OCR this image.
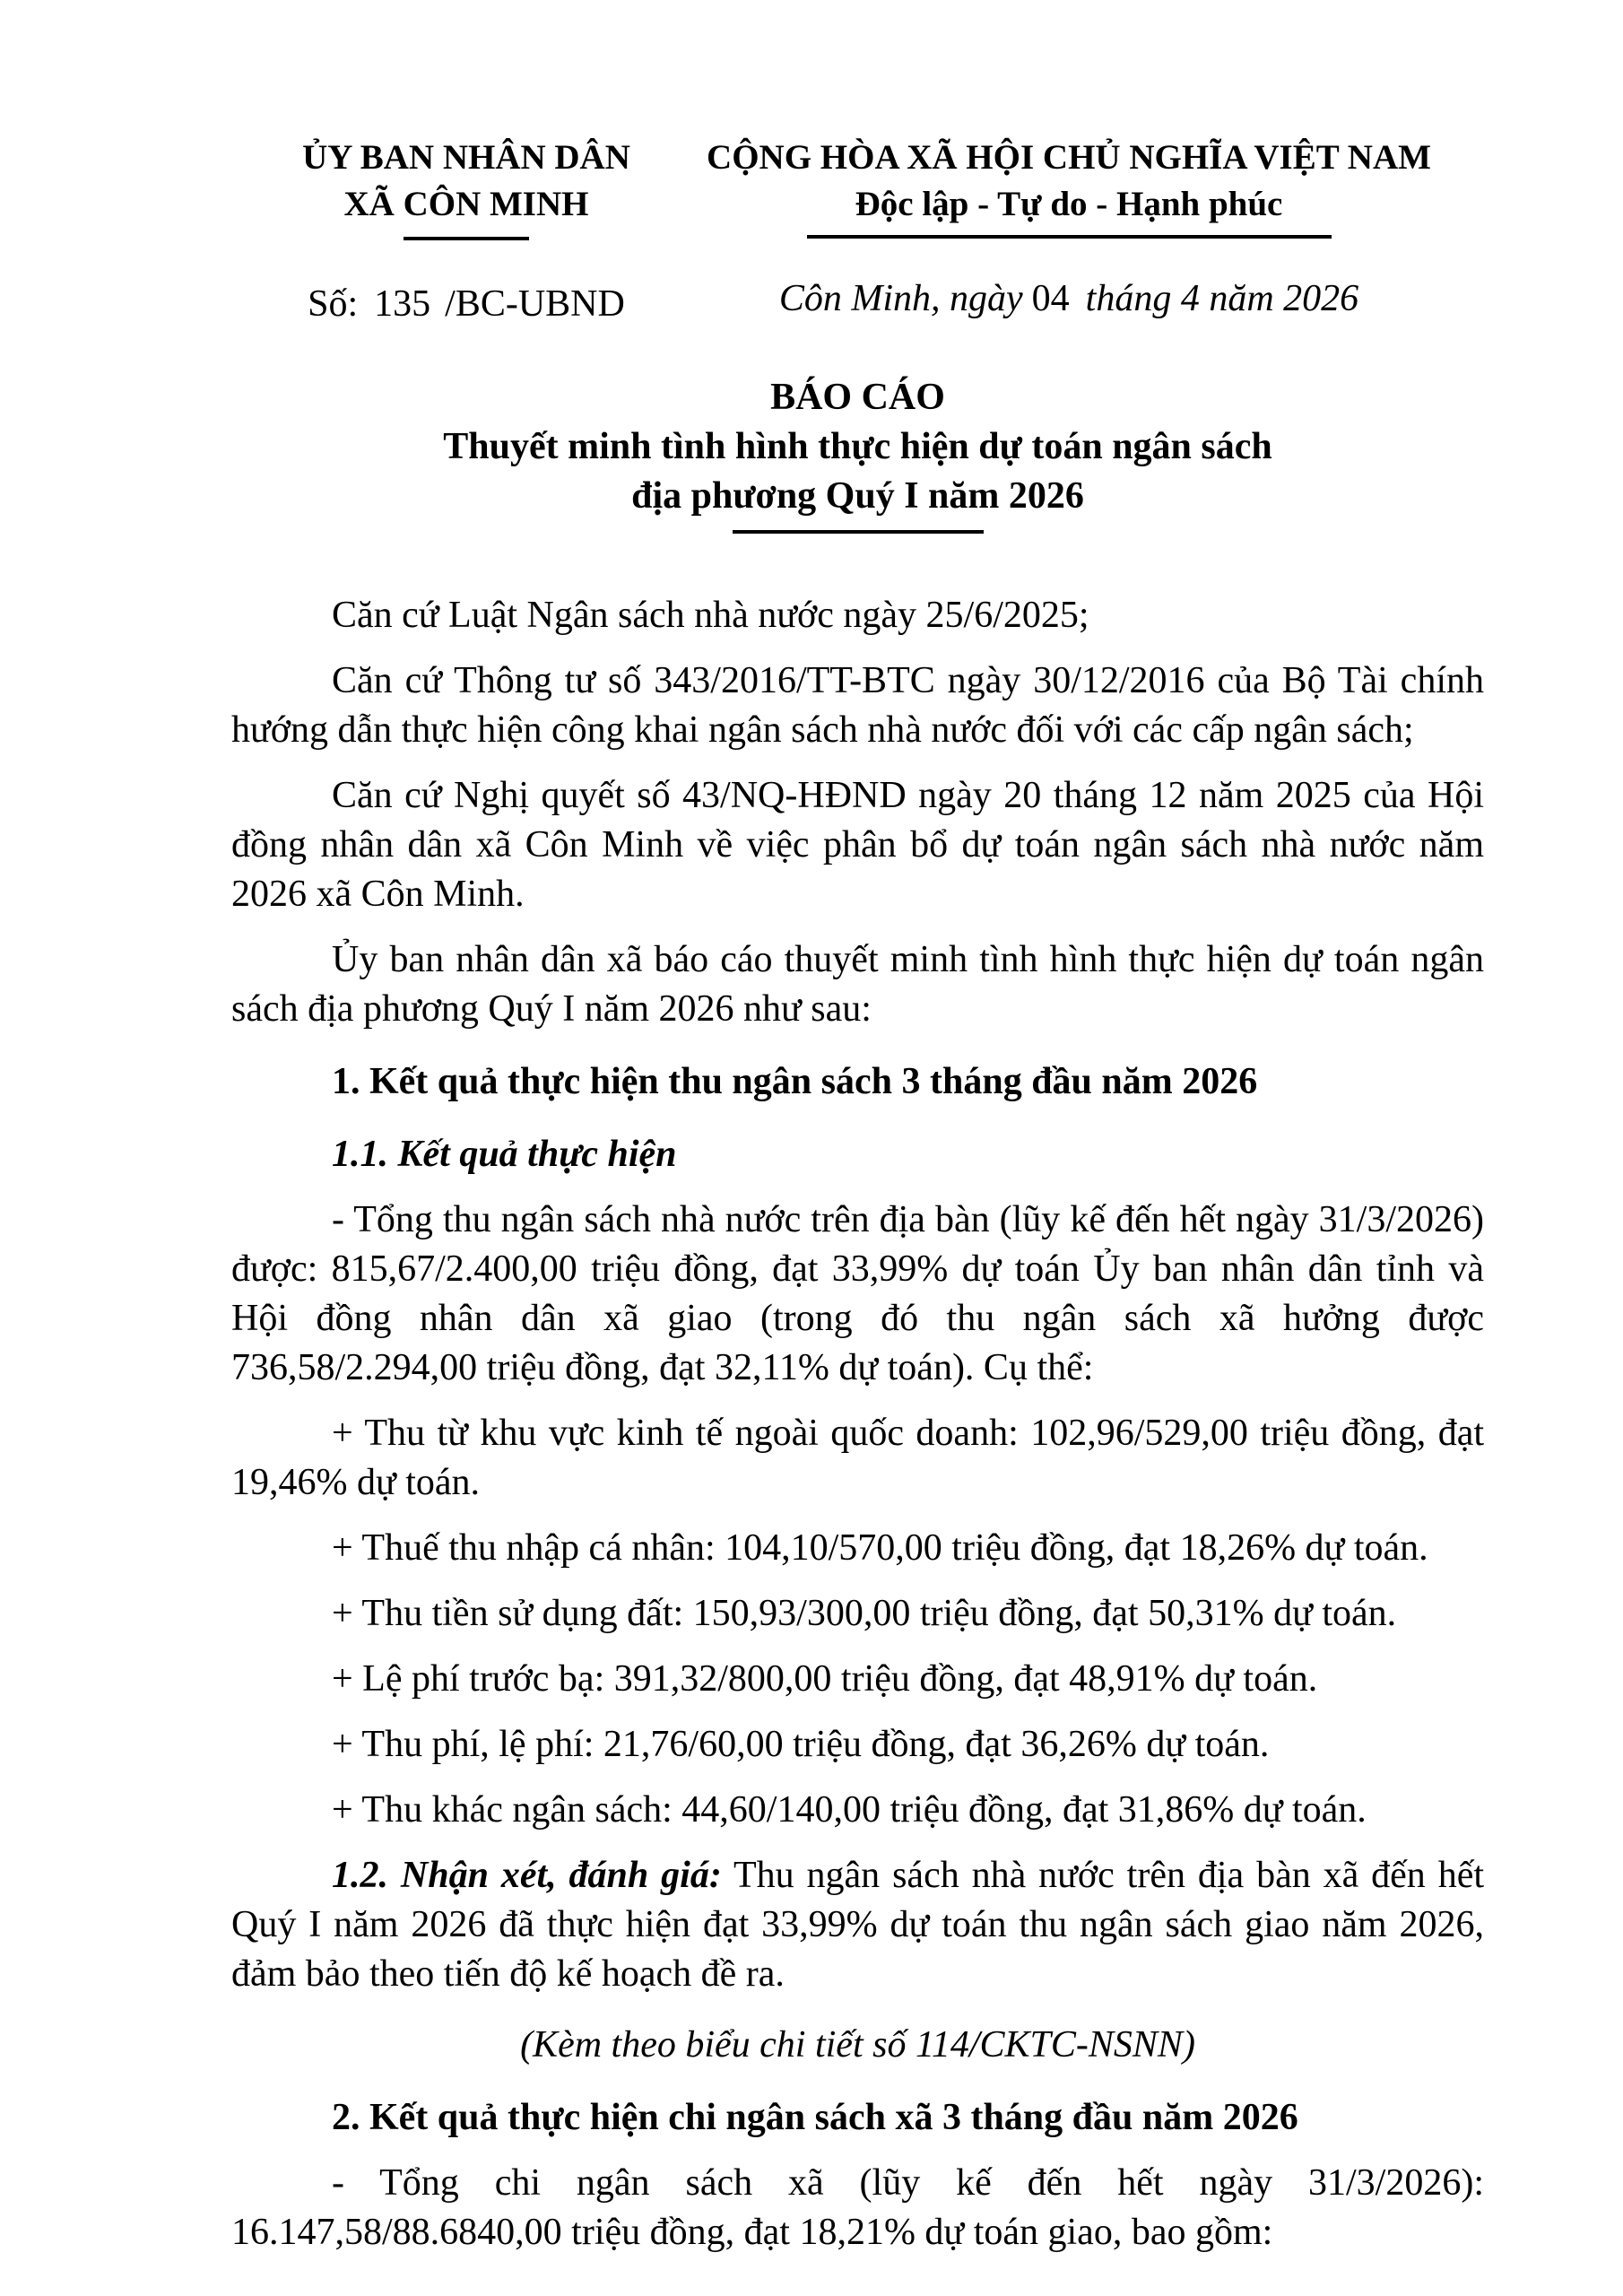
ỦY BAN NHÂN DÂN
XÃ CÔN MINH
Số: 135 /BC-UBND
CỘNG HÒA XÃ HỘI CHỦ NGHĨA VIỆT NAM
Độc lập - Tự do - Hạnh phúc
Côn Minh, ngày 04 tháng 4 năm 2026
BÁO CÁO
Thuyết minh tình hình thực hiện dự toán ngân sách
địa phương Quý I năm 2026
Căn cứ Luật Ngân sách nhà nước ngày 25/6/2025;
Căn cứ Thông tư số 343/2016/TT-BTC ngày 30/12/2016 của Bộ Tài chính hướng dẫn thực hiện công khai ngân sách nhà nước đối với các cấp ngân sách;
Căn cứ Nghị quyết số 43/NQ-HĐND ngày 20 tháng 12 năm 2025 của Hội đồng nhân dân xã Côn Minh về việc phân bổ dự toán ngân sách nhà nước năm 2026 xã Côn Minh.
Ủy ban nhân dân xã báo cáo thuyết minh tình hình thực hiện dự toán ngân sách địa phương Quý I năm 2026 như sau:
1. Kết quả thực hiện thu ngân sách 3 tháng đầu năm 2026
1.1. Kết quả thực hiện
- Tổng thu ngân sách nhà nước trên địa bàn (lũy kế đến hết ngày 31/3/2026) được: 815,67/2.400,00 triệu đồng, đạt 33,99% dự toán Ủy ban nhân dân tỉnh và Hội đồng nhân dân xã giao (trong đó thu ngân sách xã hưởng được 736,58/2.294,00 triệu đồng, đạt 32,11% dự toán). Cụ thể:
+ Thu từ khu vực kinh tế ngoài quốc doanh: 102,96/529,00 triệu đồng, đạt 19,46% dự toán.
+ Thuế thu nhập cá nhân: 104,10/570,00 triệu đồng, đạt 18,26% dự toán.
+ Thu tiền sử dụng đất: 150,93/300,00 triệu đồng, đạt 50,31% dự toán.
+ Lệ phí trước bạ: 391,32/800,00 triệu đồng, đạt 48,91% dự toán.
+ Thu phí, lệ phí: 21,76/60,00 triệu đồng, đạt 36,26% dự toán.
+ Thu khác ngân sách: 44,60/140,00 triệu đồng, đạt 31,86% dự toán.
1.2. Nhận xét, đánh giá: Thu ngân sách nhà nước trên địa bàn xã đến hết Quý I năm 2026 đã thực hiện đạt 33,99% dự toán thu ngân sách giao năm 2026, đảm bảo theo tiến độ kế hoạch đề ra.
(Kèm theo biểu chi tiết số 114/CKTC-NSNN)
2. Kết quả thực hiện chi ngân sách xã 3 tháng đầu năm 2026
- Tổng chi ngân sách xã (lũy kế đến hết ngày 31/3/2026): 16.147,58/88.6840,00 triệu đồng, đạt 18,21% dự toán giao, bao gồm:
